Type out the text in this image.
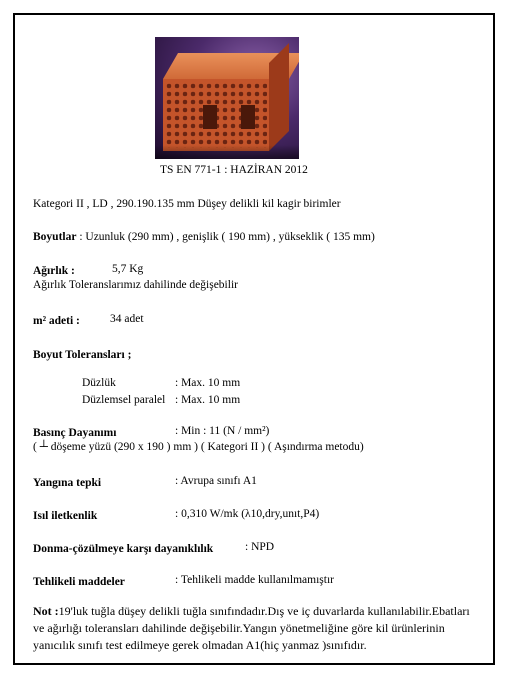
TS EN 771-1 : HAZİRAN 2012
Kategori II , LD , 290.190.135 mm Düşey delikli kil kagir birimler
Boyutlar : Uzunluk (290 mm) , genişlik ( 190 mm) , yükseklik ( 135 mm)
Ağırlık :	5,7 Kg
Ağırlık Toleranslarımız dahilinde değişebilir
m² adeti :	34 adet
Boyut Toleransları ;
Düzlük	: Max. 10 mm
Düzlemsel paralel : Max. 10 mm
Basınç Dayanımı	: Min : 11 (N / mm²)
( ┴ döşeme yüzü (290 x 190 ) mm ) ( Kategori II ) ( Aşındırma metodu)
Yangına tepki	: Avrupa sınıfı A1
Isıl iletkenlik	: 0,310 W/mk (λ10,dry,unıt,P4)
Donma-çözülmeye karşı dayanıklılık	: NPD
Tehlikeli maddeler	: Tehlikeli madde kullanılmamıştır
Not :19'luk tuğla düşey delikli tuğla sınıfındadır.Dış ve iç duvarlarda kullanılabilir.Ebatları ve ağırlığı toleransları dahilinde değişebilir.Yangın yönetmeliğine göre kil ürünlerinin yanıcılık sınıfı test edilmeye gerek olmadan A1(hiç yanmaz )sınıfıdır.
